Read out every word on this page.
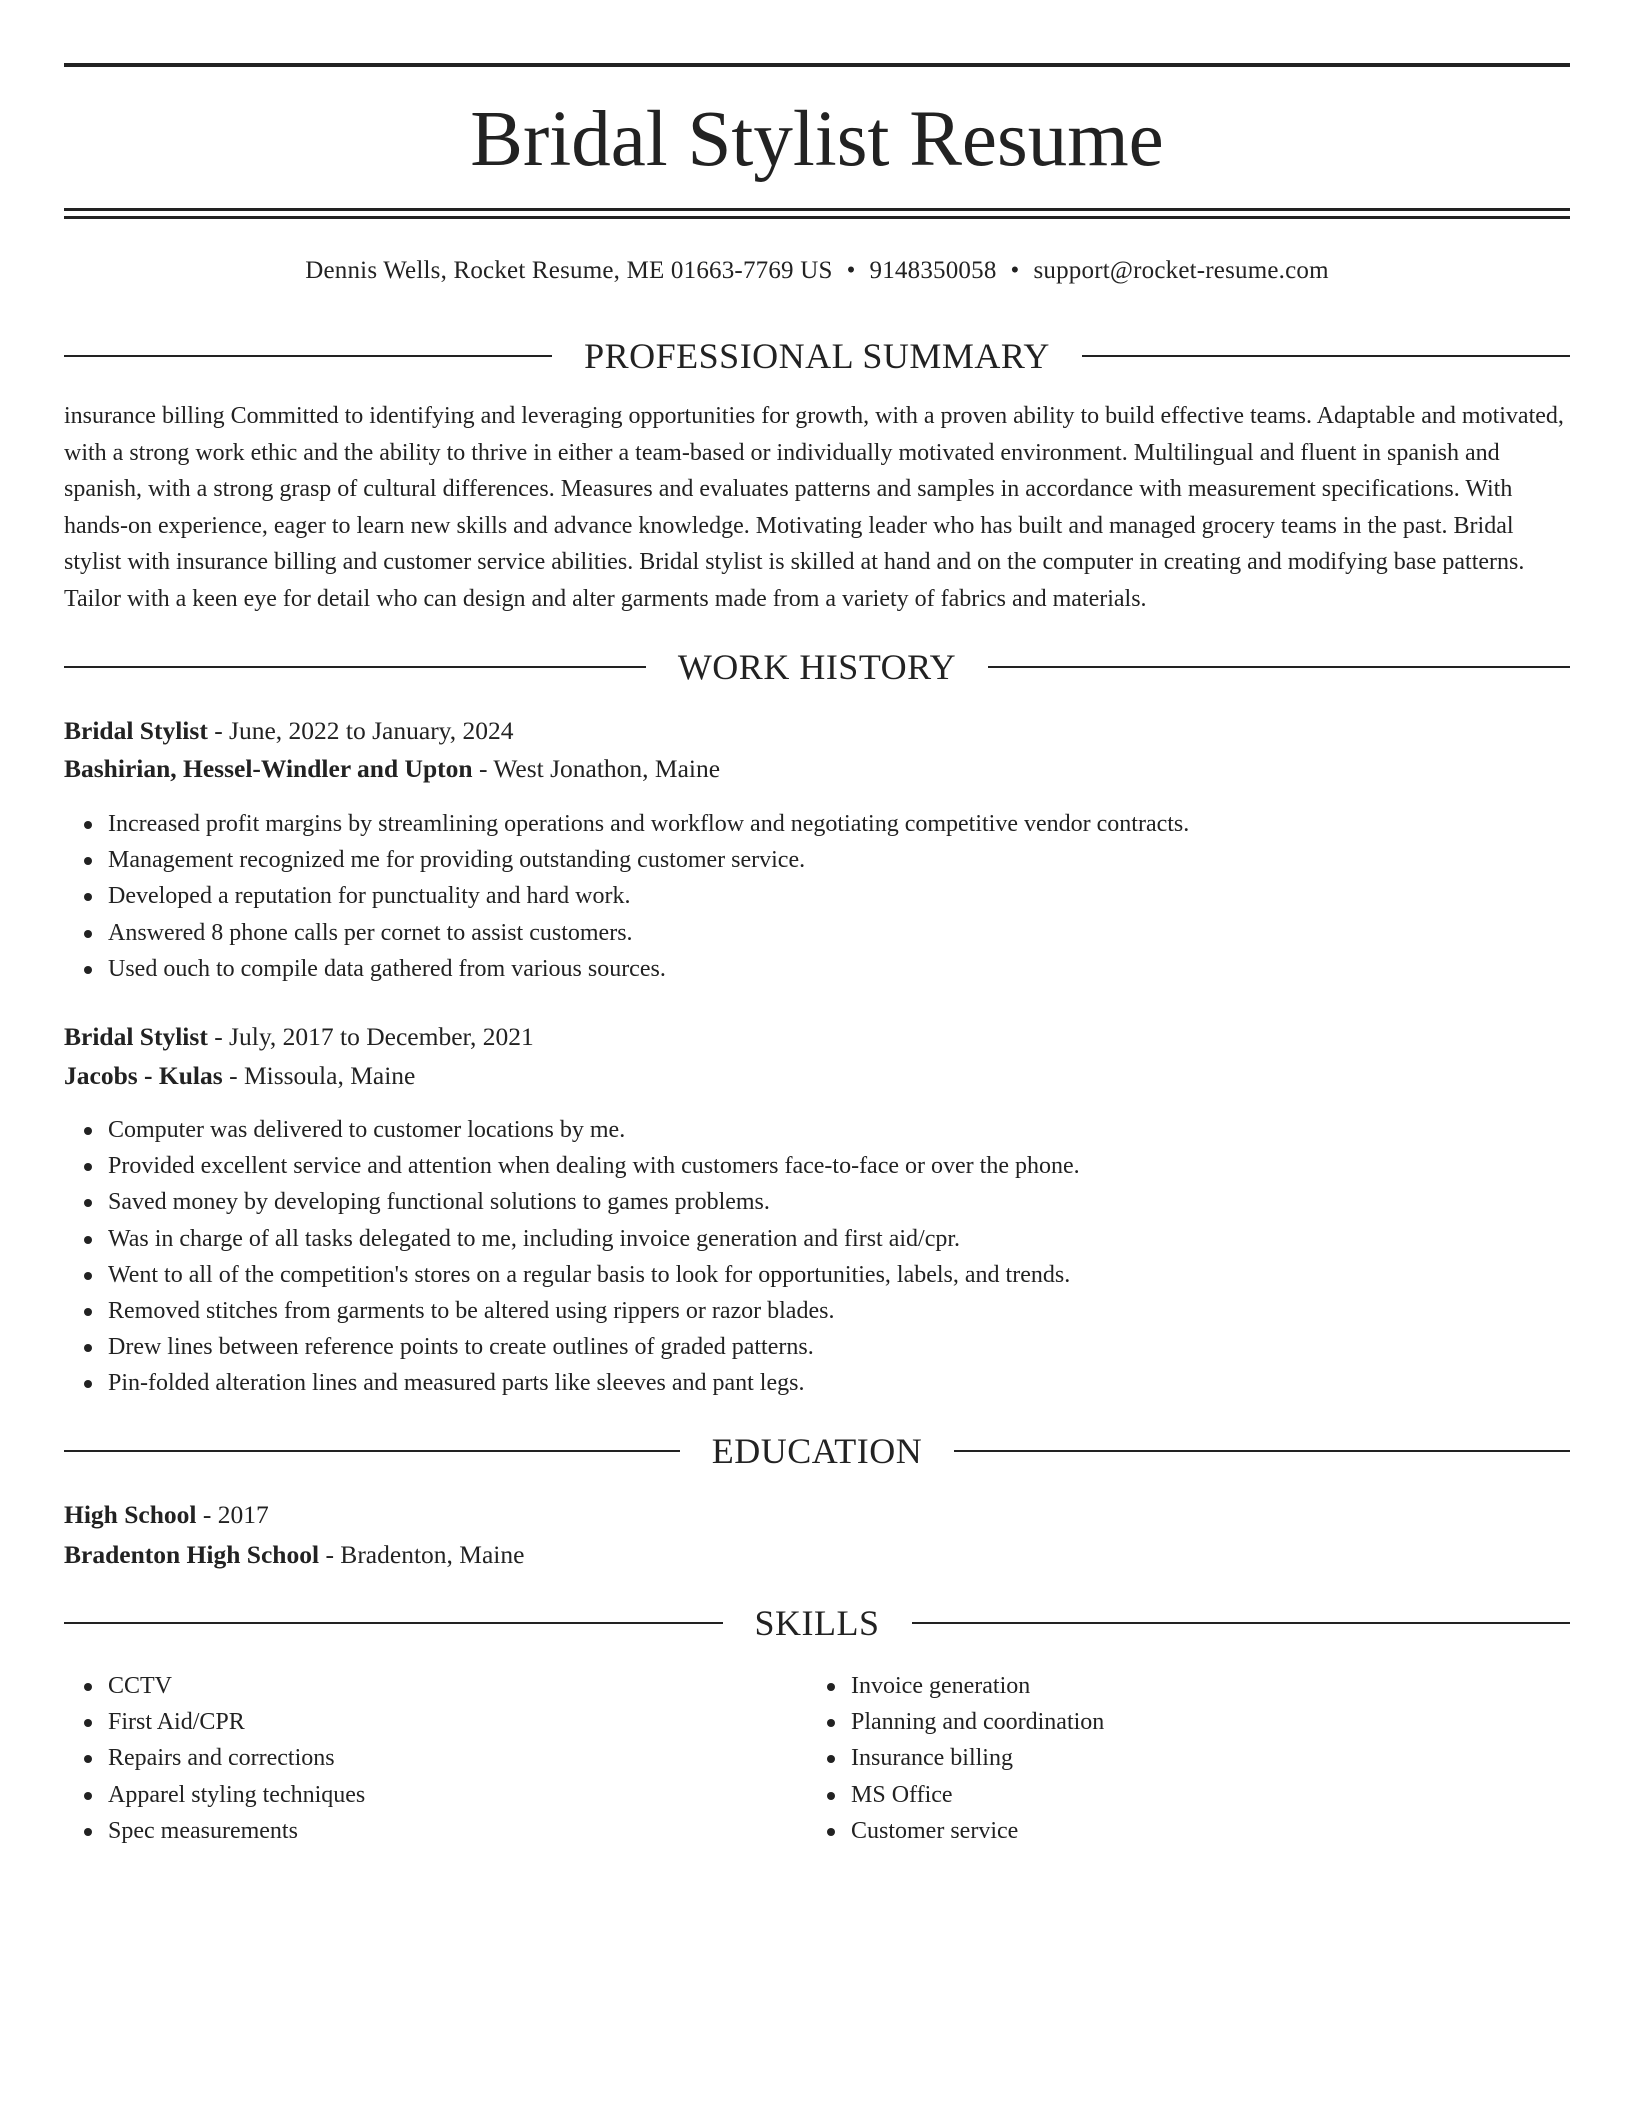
Bridal Stylist Resume
Dennis Wells, Rocket Resume, ME 01663-7769 US • 9148350058 • support@rocket-resume.com
PROFESSIONAL SUMMARY

insurance billing Committed to identifying and leveraging opportunities for growth, with a proven ability to build effective teams. Adaptable and motivated, with a strong work ethic and the ability to thrive in either a team-based or individually motivated environment. Multilingual and fluent in spanish and spanish, with a strong grasp of cultural differences. Measures and evaluates patterns and samples in accordance with measurement specifications. With hands-on experience, eager to learn new skills and advance knowledge. Motivating leader who has built and managed grocery teams in the past. Bridal stylist with insurance billing and customer service abilities. Bridal stylist is skilled at hand and on the computer in creating and modifying base patterns. Tailor with a keen eye for detail who can design and alter garments made from a variety of fabrics and materials.

WORK HISTORY
Bridal Stylist - June, 2022 to January, 2024
Bashirian, Hessel-Windler and Upton - West Jonathon, Maine
Increased profit margins by streamlining operations and workflow and negotiating competitive vendor contracts.
Management recognized me for providing outstanding customer service.
Developed a reputation for punctuality and hard work.
Answered 8 phone calls per cornet to assist customers.
Used ouch to compile data gathered from various sources.
Bridal Stylist - July, 2017 to December, 2021
Jacobs - Kulas - Missoula, Maine
Computer was delivered to customer locations by me.
Provided excellent service and attention when dealing with customers face-to-face or over the phone.
Saved money by developing functional solutions to games problems.
Was in charge of all tasks delegated to me, including invoice generation and first aid/cpr.
Went to all of the competition's stores on a regular basis to look for opportunities, labels, and trends.
Removed stitches from garments to be altered using rippers or razor blades.
Drew lines between reference points to create outlines of graded patterns.
Pin-folded alteration lines and measured parts like sleeves and pant legs.
EDUCATION
High School - 2017
Bradenton High School - Bradenton, Maine
SKILLS
CCTV
First Aid/CPR
Repairs and corrections
Apparel styling techniques
Spec measurements
Invoice generation
Planning and coordination
Insurance billing
MS Office
Customer service
